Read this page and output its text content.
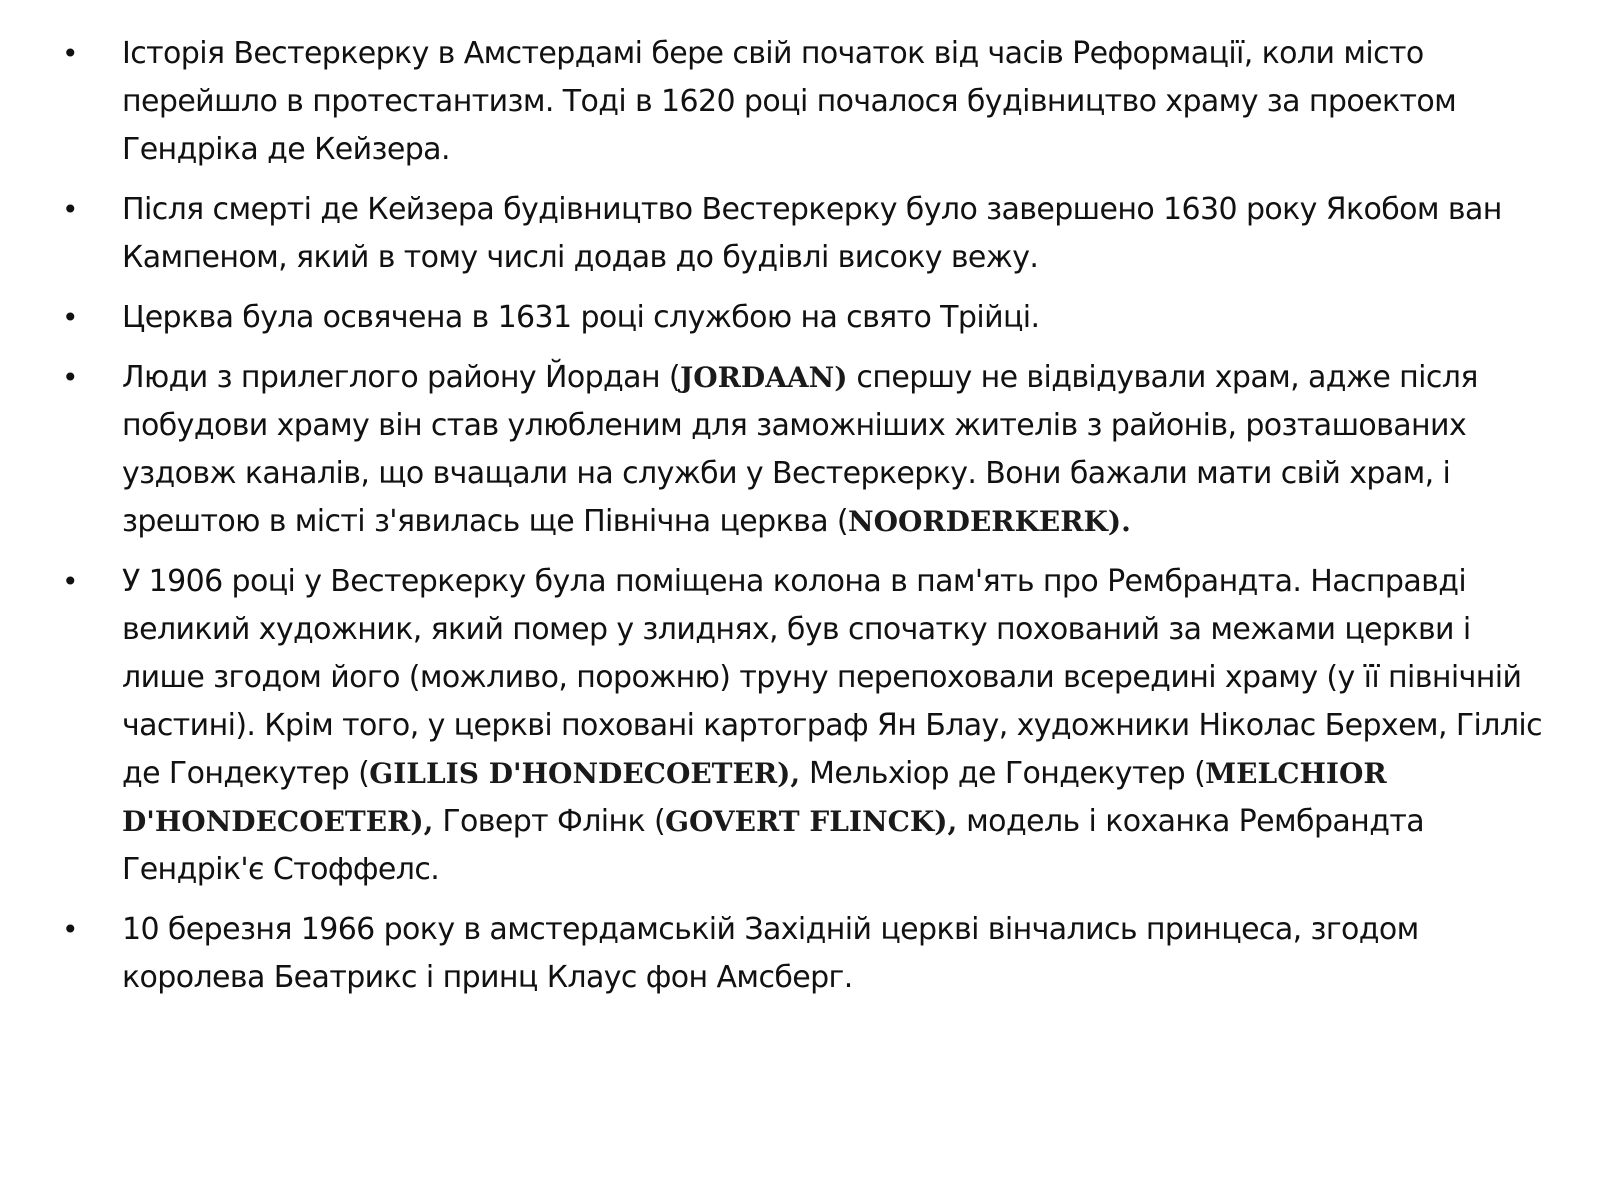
• Історія Вестеркерку в Амстердамі бере свій початок від часів Реформації, коли місто перейшло в протестантизм. Тоді в 1620 році почалося будівництво храму за проектом Гендріка де Кейзера.
• Після смерті де Кейзера будівництво Вестеркерку було завершено 1630 року Якобом ван Кампеном, який в тому числі додав до будівлі високу вежу.
• Церква була освячена в 1631 році службою на свято Трійці.
• Люди з прилеглого району Йордан (JORDAAN) спершу не відвідували храм, адже після побудови храму він став улюбленим для заможніших жителів з районів, розташованих уздовж каналів, що вчащали на служби у Вестеркерку. Вони бажали мати свій храм, і зрештою в місті з'явилась ще Північна церква (NOORDERKERK).
• У 1906 році у Вестеркерку була поміщена колона в пам'ять про Рембрандта. Насправді великий художник, який помер у злиднях, був спочатку похований за межами церкви і лише згодом його (можливо, порожню) труну перепоховали всередині храму (у її північній частині). Крім того, у церкві поховані картограф Ян Блау, художники Ніколас Берхем, Гілліс де Гондекутер (GILLIS D'HONDECOETER), Мельхіор де Гондекутер (MELCHIOR D'HONDECOETER), Говерт Флінк (GOVERT FLINCK), модель і коханка Рембрандта Гендрік'є Стоффелс.
• 10 березня 1966 року в амстердамській Західній церкві вінчались принцеса, згодом королева Беатрикс і принц Клаус фон Амсберг.
